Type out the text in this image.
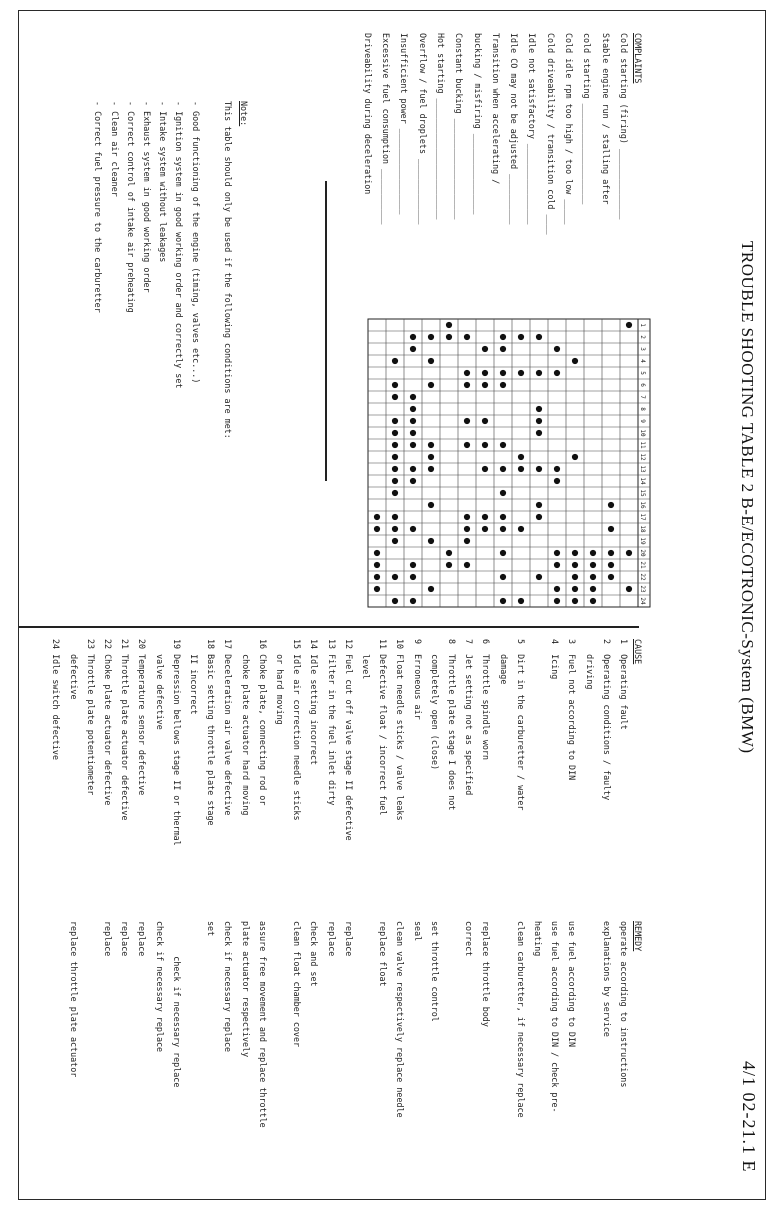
TROUBLE SHOOTING TABLE 2 B-E/ECOTRONIC-System (BMW)
4/1 02-21.1 E
COMPLAINTS
Cold starting (firing) ______________
Stable engine run / stalling after
cold starting ____________________
Cold idle rpm too high / too low _____
Cold driveability / transition cold ____
Idle not satisfactory ________________
Idle CO may not be adjusted __________
Transition when accelerating /
bucking / misfiring ________________
Constant bucking ____________________
Hot starting ________________________
Overflow / fuel droplets _____________
Insufficient power _________________
Excessive fuel consumption ___________
Driveability during deceleration
Note:
This table should only be used if the following conditions are met:
- Good functioning of the engine (timing, valves etc...)
- Ignition system in good working order and correctly set
- Intake system without leakages
- Exhaust system in good working order
- Correct control of intake air preheating
- Clean air cleaner
- Correct fuel pressure to the carburetter
1
2
3
4
5
6
7
8
9
10
11
12
13
14
15
16
17
18
19
20
21
22
23
24
CAUSE
1  Operating fault
2  Operating conditions / faulty
driving
3  Fuel not according to DIN
4  Icing
5  Dirt in the carburetter / water
damage
6  Throttle spindle worn
7  Jet setting not as specified
8  Throttle plate stage I does not
completely open (close)
9  Erroneous air
10 Float needle sticks / valve leaks
11 Defective float / incorrect fuel
level
12 Fuel cut off valve stage II defective
13 Filter in the fuel inlet dirty
14 Idle setting incorrect
15 Idle air correction needle sticks
or hard moving
16 Choke plate, connecting rod or
choke plate actuator hard moving
17 Deceleration air valve defective
18 Basic setting throttle plate stage
II incorrect
19 Depression bellows stage II or thermal
valve defective
20 Temperature sensor defective
21 Throttle plate actuator defective
22 Choke plate actuator defective
23 Throttle plate potentiometer
defective
24 Idle switch defective
REMEDY
operate according to instructions
explanations by service
use fuel according to DIN
use fuel according to DIN / check pre-
heating
clean carburetter, if necessary replace
replace throttle body
correct
set throttle control
seal
clean valve respectively replace needle
replace float
replace
replace
check and set
clean float chamber cover
assure free movement and replace throttle
plate actuator respectively
check if necessary replace
set
check if necessary replace
check if necessary replace
replace
replace
replace
replace throttle plate actuator
